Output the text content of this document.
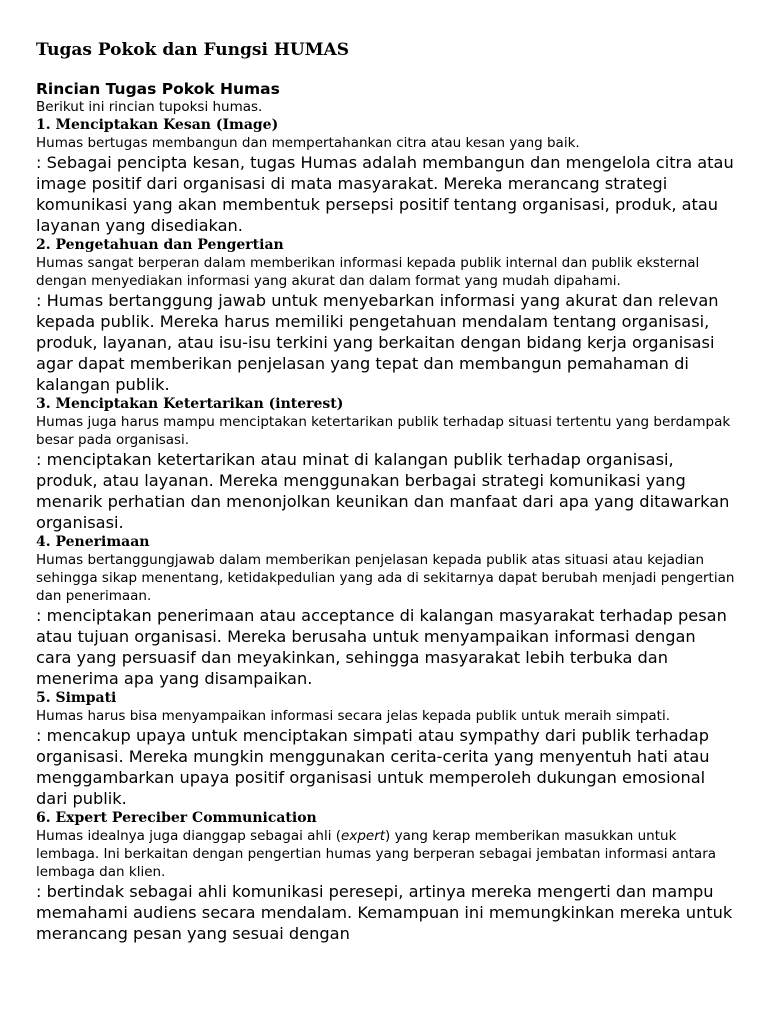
Tugas Pokok dan Fungsi HUMAS
Rincian Tugas Pokok Humas

Berikut ini rincian tupoksi humas.

1. Menciptakan Kesan (Image)

Humas bertugas membangun dan mempertahankan citra atau kesan yang baik.

: Sebagai pencipta kesan, tugas Humas adalah membangun dan mengelola citra atau image positif dari organisasi di mata masyarakat. Mereka merancang strategi komunikasi yang akan membentuk persepsi positif tentang organisasi, produk, atau layanan yang disediakan.

2. Pengetahuan dan Pengertian

Humas sangat berperan dalam memberikan informasi kepada publik internal dan publik eksternal dengan menyediakan informasi yang akurat dan dalam format yang mudah dipahami.

: Humas bertanggung jawab untuk menyebarkan informasi yang akurat dan relevan kepada publik. Mereka harus memiliki pengetahuan mendalam tentang organisasi, produk, layanan, atau isu-isu terkini yang berkaitan dengan bidang kerja organisasi agar dapat memberikan penjelasan yang tepat dan membangun pemahaman di kalangan publik.

3. Menciptakan Ketertarikan (interest)

Humas juga harus mampu menciptakan ketertarikan publik terhadap situasi tertentu yang berdampak besar pada organisasi.

: menciptakan ketertarikan atau minat di kalangan publik terhadap organisasi, produk, atau layanan. Mereka menggunakan berbagai strategi komunikasi yang menarik perhatian dan menonjolkan keunikan dan manfaat dari apa yang ditawarkan organisasi.

4. Penerimaan

Humas bertanggungjawab dalam memberikan penjelasan kepada publik atas situasi atau kejadian sehingga sikap menentang, ketidakpedulian yang ada di sekitarnya dapat berubah menjadi pengertian dan penerimaan.

: menciptakan penerimaan atau acceptance di kalangan masyarakat terhadap pesan atau tujuan organisasi. Mereka berusaha untuk menyampaikan informasi dengan cara yang persuasif dan meyakinkan, sehingga masyarakat lebih terbuka dan menerima apa yang disampaikan.

5. Simpati

Humas harus bisa menyampaikan informasi secara jelas kepada publik untuk meraih simpati.

: mencakup upaya untuk menciptakan simpati atau sympathy dari publik terhadap organisasi. Mereka mungkin menggunakan cerita-cerita yang menyentuh hati atau menggambarkan upaya positif organisasi untuk memperoleh dukungan emosional dari publik.

6. Expert Pereciber Communication

Humas idealnya juga dianggap sebagai ahli (expert) yang kerap memberikan masukkan untuk lembaga. Ini berkaitan dengan pengertian humas yang berperan sebagai jembatan informasi antara lembaga dan klien.

: bertindak sebagai ahli komunikasi peresepi, artinya mereka mengerti dan mampu memahami audiens secara mendalam. Kemampuan ini memungkinkan mereka untuk merancang pesan yang sesuai dengan
